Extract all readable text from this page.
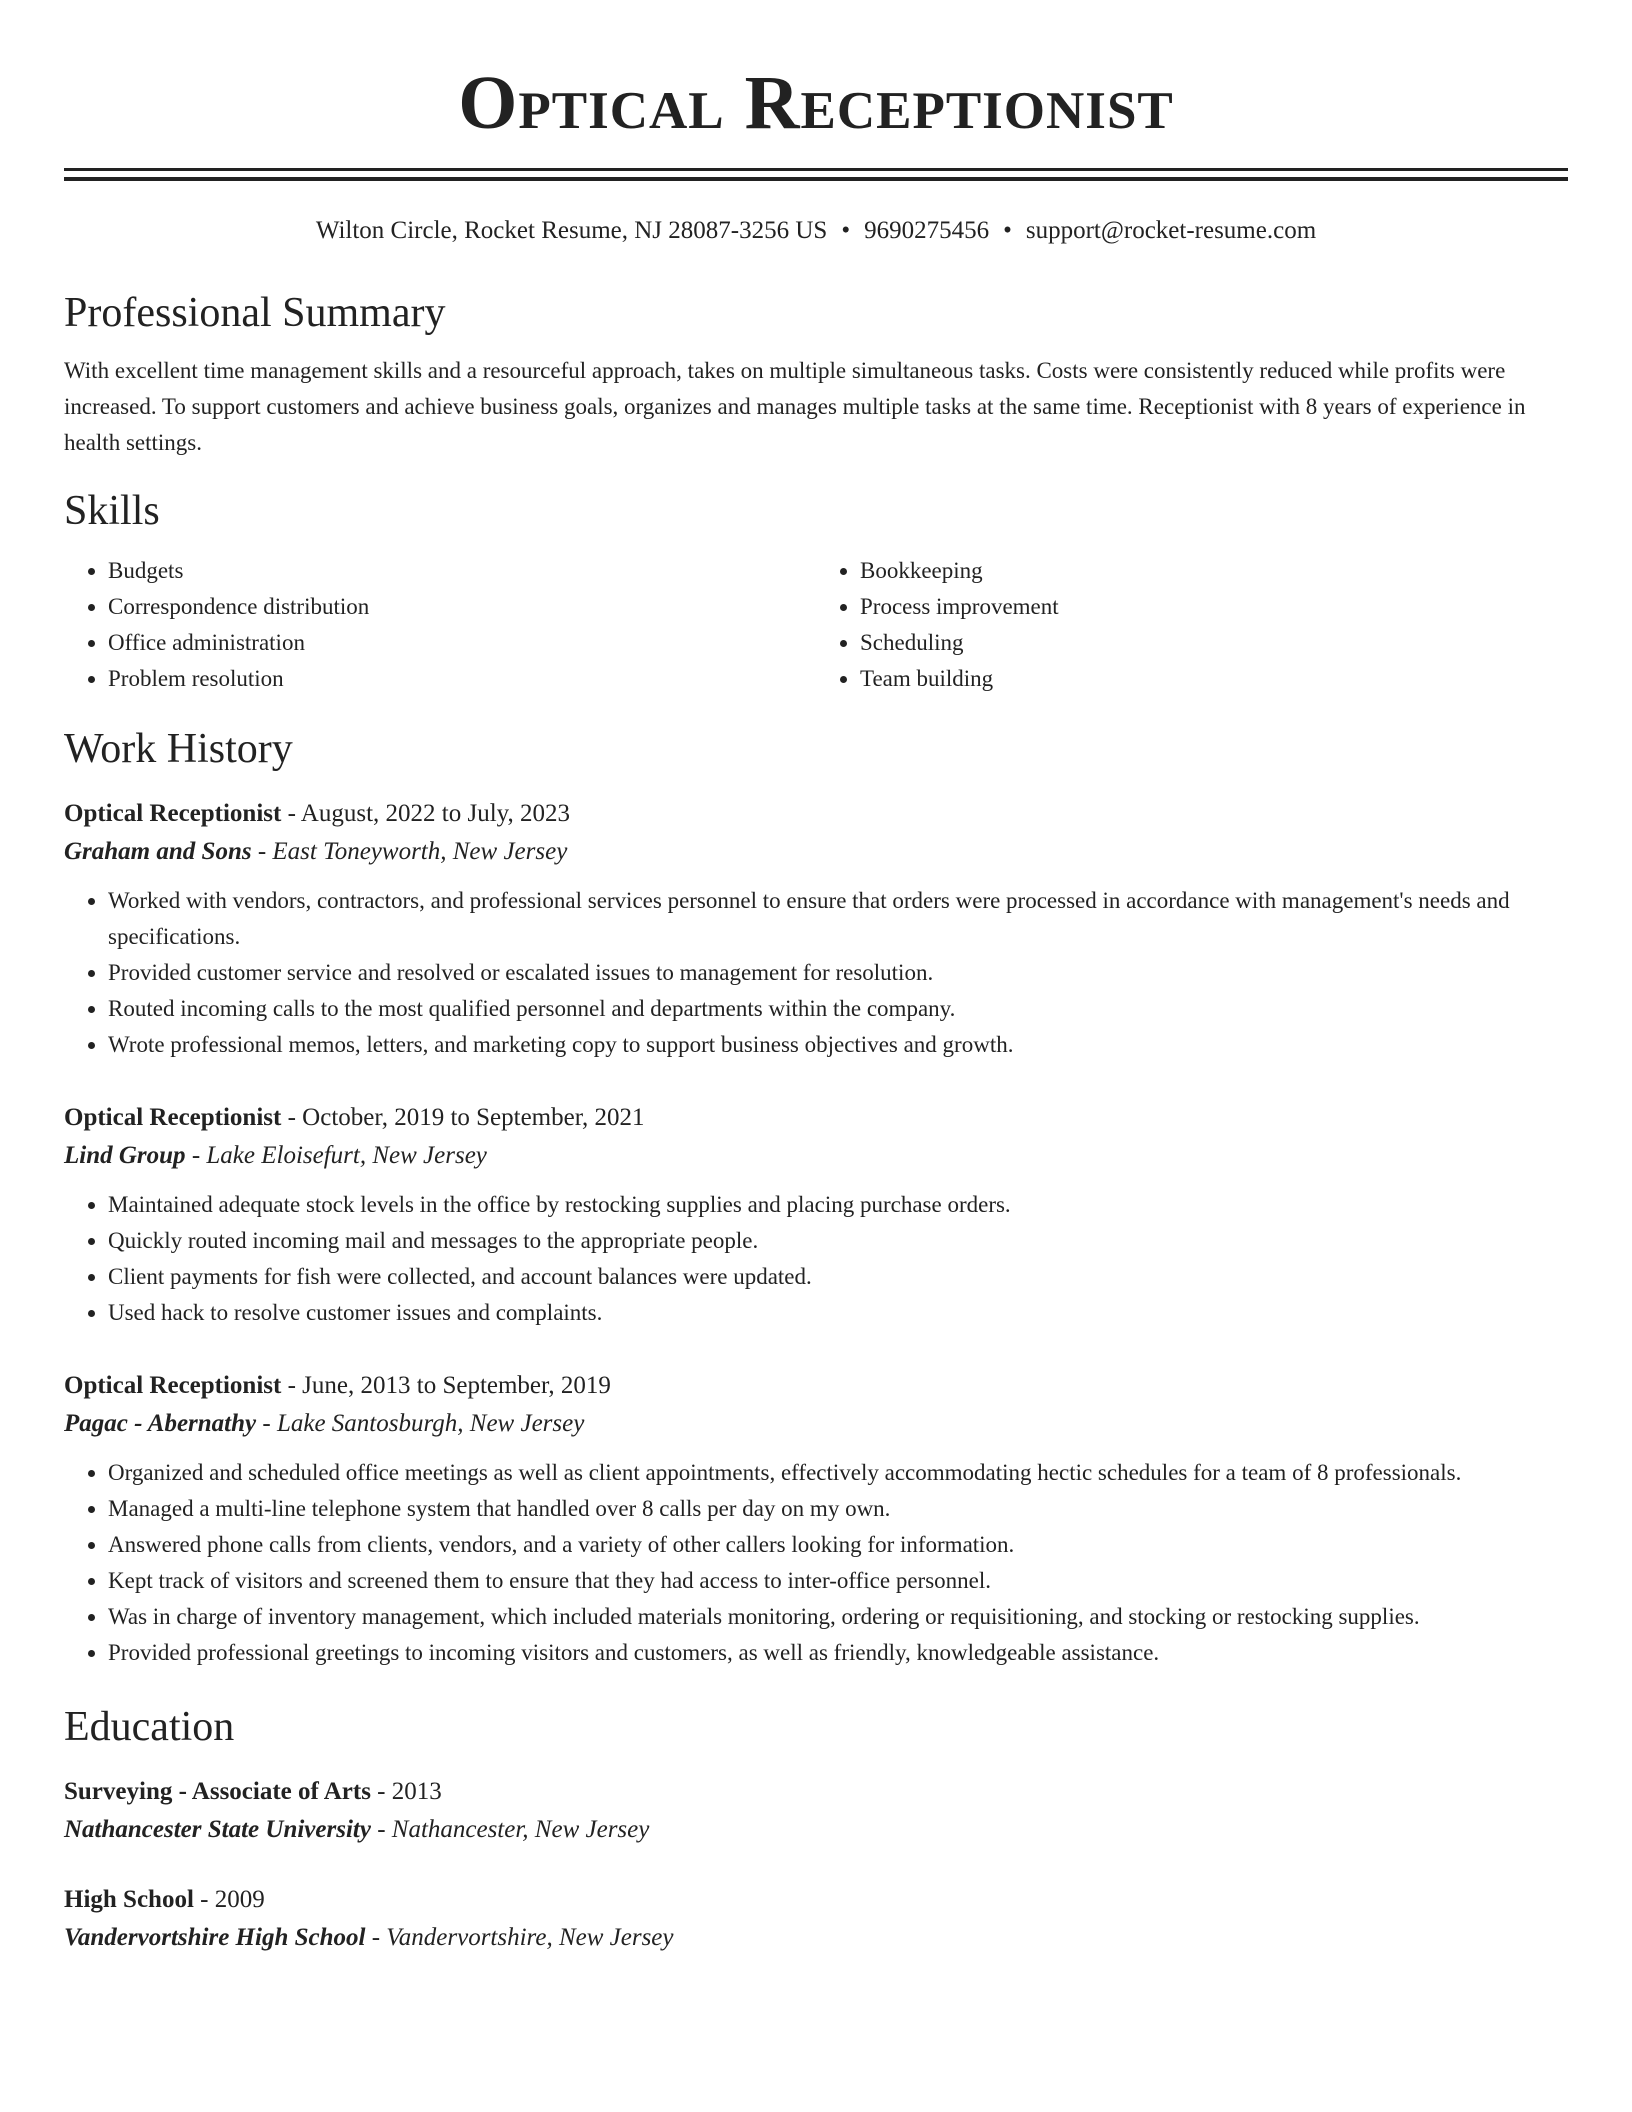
Optical Receptionist
Wilton Circle, Rocket Resume, NJ 28087-3256 US • 9690275456 • support@rocket-resume.com
Professional Summary

With excellent time management skills and a resourceful approach, takes on multiple simultaneous tasks. Costs were consistently reduced while profits were increased. To support customers and achieve business goals, organizes and manages multiple tasks at the same time. Receptionist with 8 years of experience in health settings.

Skills
• Budgets
• Correspondence distribution
• Office administration
• Problem resolution
• Bookkeeping
• Process improvement
• Scheduling
• Team building
Work History
Optical Receptionist - August, 2022 to July, 2023
Graham and Sons - East Toneyworth, New Jersey
• Worked with vendors, contractors, and professional services personnel to ensure that orders were processed in accordance with management's needs and specifications.
• Provided customer service and resolved or escalated issues to management for resolution.
• Routed incoming calls to the most qualified personnel and departments within the company.
• Wrote professional memos, letters, and marketing copy to support business objectives and growth.
Optical Receptionist - October, 2019 to September, 2021
Lind Group - Lake Eloisefurt, New Jersey
• Maintained adequate stock levels in the office by restocking supplies and placing purchase orders.
• Quickly routed incoming mail and messages to the appropriate people.
• Client payments for fish were collected, and account balances were updated.
• Used hack to resolve customer issues and complaints.
Optical Receptionist - June, 2013 to September, 2019
Pagac - Abernathy - Lake Santosburgh, New Jersey
• Organized and scheduled office meetings as well as client appointments, effectively accommodating hectic schedules for a team of 8 professionals.
• Managed a multi-line telephone system that handled over 8 calls per day on my own.
• Answered phone calls from clients, vendors, and a variety of other callers looking for information.
• Kept track of visitors and screened them to ensure that they had access to inter-office personnel.
• Was in charge of inventory management, which included materials monitoring, ordering or requisitioning, and stocking or restocking supplies.
• Provided professional greetings to incoming visitors and customers, as well as friendly, knowledgeable assistance.
Education
Surveying - Associate of Arts - 2013
Nathancester State University - Nathancester, New Jersey
High School - 2009
Vandervortshire High School - Vandervortshire, New Jersey
